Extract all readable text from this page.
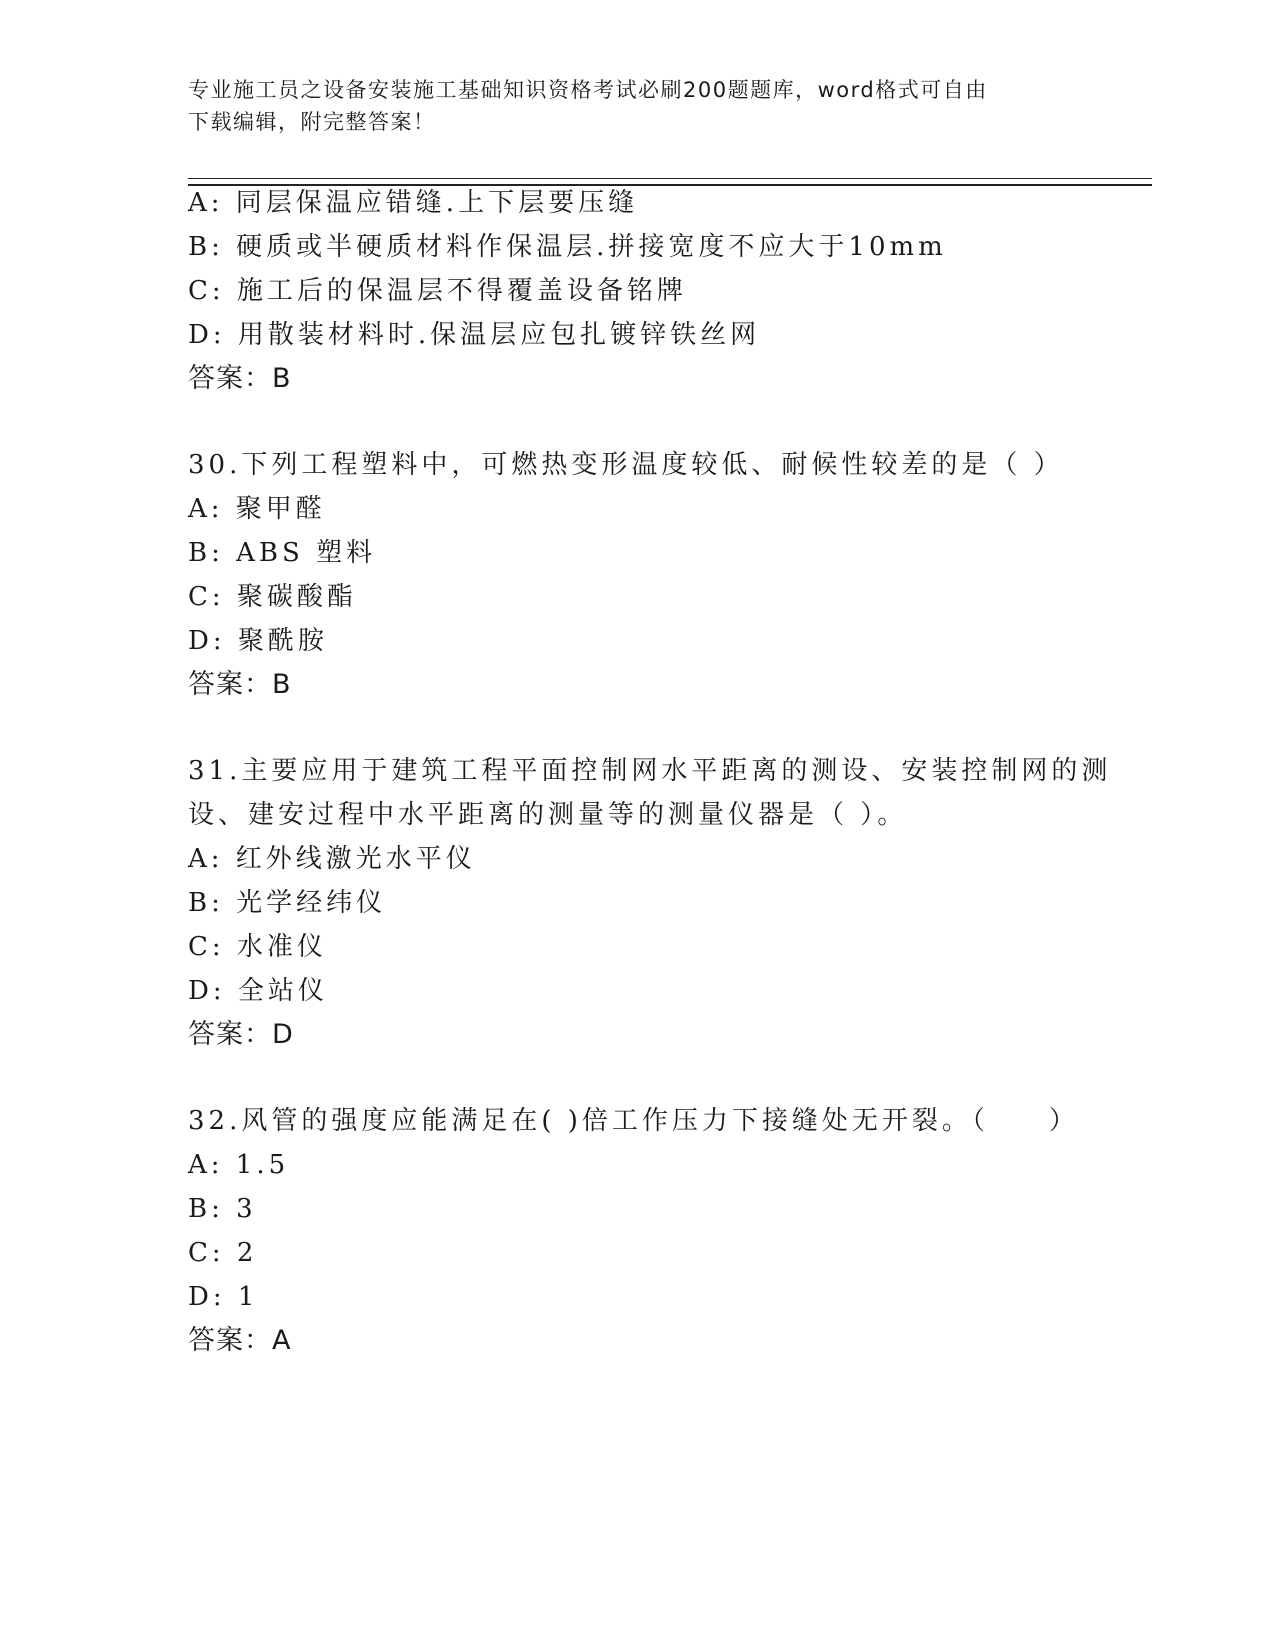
专业施工员之设备安装施工基础知识资格考试必刷200题题库，word格式可自由
下载编辑，附完整答案！
A: 同层保温应错缝.上下层要压缝
B: 硬质或半硬质材料作保温层.拼接宽度不应大于10mm
C: 施工后的保温层不得覆盖设备铭牌
D: 用散装材料时.保温层应包扎镀锌铁丝网
答案：B
30.下列工程塑料中，可燃热变形温度较低、耐候性较差的是（ ）
A: 聚甲醛
B: ABS 塑料
C: 聚碳酸酯
D: 聚酰胺
答案：B
31.主要应用于建筑工程平面控制网水平距离的测设、安装控制网的测
设、建安过程中水平距离的测量等的测量仪器是（ ）。
A: 红外线激光水平仪
B: 光学经纬仪
C: 水准仪
D: 全站仪
答案：D
32.风管的强度应能满足在( )倍工作压力下接缝处无开裂。（　　）
A: 1.5
B: 3
C: 2
D: 1
答案：A
